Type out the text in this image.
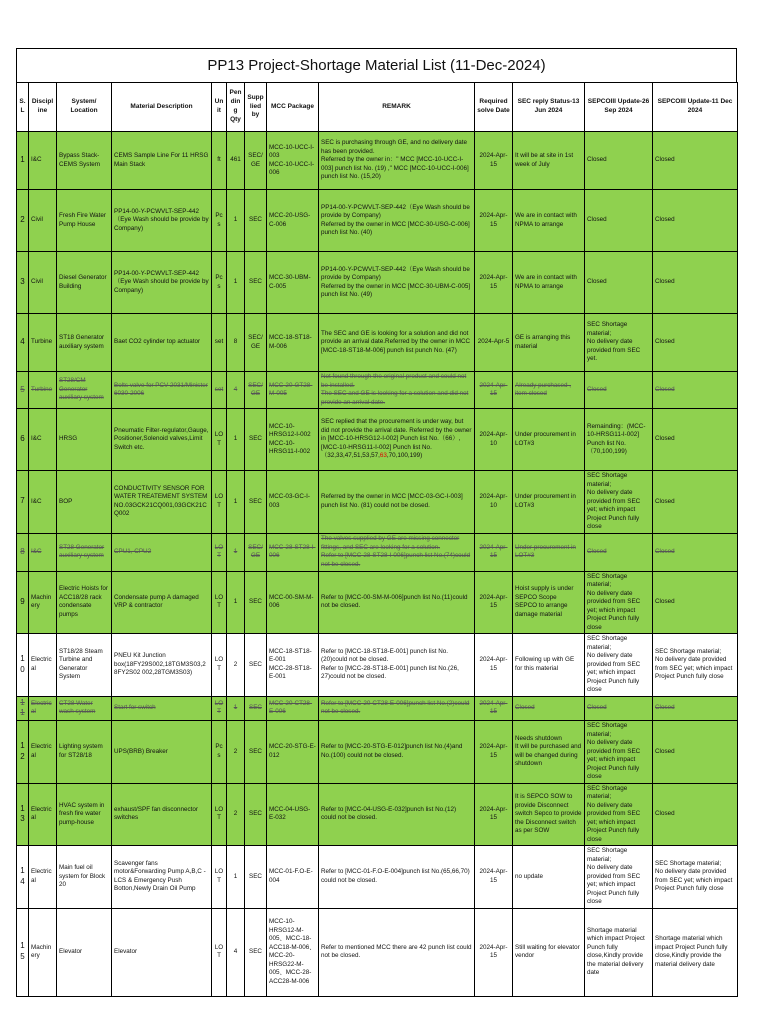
PP13 Project-Shortage Material List (11-Dec-2024)
S.L	Discipline	System/ Location	Material Description	Unit	Pending Qty	Supplied by	MCC Package	REMARK	Required solve Date	SEC reply Status-13 Jun 2024	SEPCOIII Update-26 Sep 2024	SEPCOIII Update-11 Dec 2024
1	I&C	Bypass Stack-CEMS System	CEMS Sample Line For 11 HRSG Main Stack	ft	461	SEC/GE	MCC-10-UCC-I-003
MCC-10-UCC-I-006	SEC is purchasing through GE, and no delivery date has been provided.
Referred by the owner in：" MCC [MCC-10-UCC-I-003] punch list No. (19) ," MCC [MCC-10-UCC-I-006] punch list No. (15,20)	2024-Apr-15	It will be at site in 1st week of July	Closed	Closed
2	Civil	Fresh Fire Water Pump House	PP14-00-Y-PCWVLT-SEP-442（Eye Wash should be provide by Company)	Pcs	1	SEC	MCC-20-USG-C-006	PP14-00-Y-PCWVLT-SEP-442（Eye Wash should be provide by Company)
Referred by the owner in MCC [MCC-30-USG-C-006] punch list No. (40)	2024-Apr-15	We are in contact with NPMA to arrange	Closed	Closed
3	Civil	Diesel Generator Building	PP14-00-Y-PCWVLT-SEP-442（Eye Wash should be provide by Company)	Pcs	1	SEC	MCC-30-UBM-C-005	PP14-00-Y-PCWVLT-SEP-442（Eye Wash should be provide by Company)
Referred by the owner in MCC [MCC-30-UBM-C-005] punch list No. (49)	2024-Apr-15	We are in contact with NPMA to arrange	Closed	Closed
4	Turbine	ST18 Generator auxiliary system	Baet CO2 cylinder top actuator	set	8	SEC/GE	MCC-18-ST18-M-006	The SEC and GE is looking for a solution and did not provide an arrival date.Referred by the owner in MCC [MCC-18-ST18-M-006] punch list punch No. (47)	2024-Apr-5	GE is arranging this material	SEC Shortage material;
No delivery date provided from SEC yet.	Closed
5	Turbine	ST28/CM Generator auxiliary system	Bolts valve for PCV-2031/Minister 6030-2006	set	4	SEC/GE	MCC-20-GT28-M-005	Not found through the original product and could not be installed.
The SEC and GE is looking for a solution and did not provide an arrival date.	2024-Apr-15	Already purchased , item closed	Closed	Closed
6	I&C	HRSG	Pneumatic Filter-regulator,Gauge, Positioner,Solenoid valves,Limit Switch etc.	LOT	1	SEC	MCC-10-HRSG12-I-002
MCC-10-HRSG11-I-002	SEC replied that the procurement is under way, but did not provide the arrival date. Referred by the owner in [MCC-10-HRSG12-I-002] Punch list No.（66）, [MCC-10-HRSG11-I-002] Punch list No.（32,33,47,51,53,57,63,70,100,199)	2024-Apr-10	Under procurement in LOT#3	Remainding：(MCC-10-HRSG11-I-002] Punch list No.（70,100,199)	Closed
7	I&C	BOP	CONDUCTIVITY SENSOR FOR WATER TREATEMENT SYSTEM NO.03GCK21CQ001,03GCK21CQ002	LOT	1	SEC	MCC-03-GC-I-003	Referred by the owner in MCC [MCC-03-GC-I-003] punch list No. (81) could not be closed.	2024-Apr-10	Under procurement in LOT#3	SEC Shortage material;
No delivery date provided from SEC yet; which impact Project Punch fully close	Closed
8	I&C	ST28 Generator auxiliary system	CPU1, CPU2	LOT	1	SEC/GE	MCC-28-ST28-I-006	The valves supplied by GE are missing connector fittings, and SEC are looking for a solution.
Refer to [MCC-28-ST28-I-006]punch list No.(74)could not be closed.	2024-Apr-15	Under procurement in LOT#3	Closed	Closed
9	Machinery	Electric Hoists for ACC18/28 rack condensate pumps	Condensate pump A damaged VRP & contractor	LOT	1	SEC	MCC-00-SM-M-006	Refer to [MCC-00-SM-M-006]punch list No.(11)could not be closed.	2024-Apr-15	Hoist supply is under SEPCO Scope
SEPCO to arrange damage material	SEC Shortage material;
No delivery date provided from SEC yet; which impact Project Punch fully close	Closed
10	Electrical	ST18/28 Steam Turbine and Generator System	PNEU Kit Junction box(18FY29S002,18TGM3S03,28FY2S02 002,28TGM3S03)	LOT	2	SEC	MCC-18-ST18-E-001
MCC-28-ST18-E-001	Refer to [MCC-18-ST18-E-001] punch list No.(20)could not be closed.
Refer to [MCC-28-ST18-E-001] punch list No.(26, 27)could not be closed.	2024-Apr-15	Following up with GE for this material	SEC Shortage material;
No delivery date provided from SEC yet; which impact Project Punch fully close	SEC Shortage material;
No delivery date provided from SEC yet; which impact Project Punch fully close
11	Electrical	CT28 Water wash system	Start for switch	LOT	1	SEC	MCC-20-CT28-E-006	Refer to [MCC-20-CT28-E-006]punch list No.(2)could not be closed.	2024-Apr-15	Closed	Closed	Closed
12	Electrical	Lighting system for ST28/18	UPS(BRB) Breaker	Pcs	2	SEC	MCC-20-STG-E-012	Refer to [MCC-20-STG-E-012]punch list No.(4)and No.(100) could not be closed.	2024-Apr-15	Needs shutdown
It will be purchased and will be changed during shutdown	SEC Shortage material;
No delivery date provided from SEC yet; which impact Project Punch fully close	Closed
13	Electrical	HVAC system in fresh fire water pump-house	exhaust/SPF fan disconnector switches	LOT	2	SEC	MCC-04-USG-E-032	Refer to [MCC-04-USG-E-032]punch list No.(12) could not be closed.	2024-Apr-15	It is SEPCO SOW to provide Disconnect switch Sepco to provide the Disconnect switch as per SOW	SEC Shortage material;
No delivery date provided from SEC yet; which impact Project Punch fully close	Closed
14	Electrical	Main fuel oil system for Block 20	Scavenger fans motor&Forwarding Pump A,B,C - LCS & Emergency Push Botton,Newly Drain Oil Pump	LOT	1	SEC	MCC-01-F.O-E-004	Refer to [MCC-01-F.O-E-004]punch list No.(65,66,70) could not be closed.	2024-Apr-15	no update	SEC Shortage material;
No delivery date provided from SEC yet; which impact Project Punch fully close	SEC Shortage material;
No delivery date provided from SEC yet; which impact Project Punch fully close
15	Machinery	Elevator	Elevator	LOT	4	SEC	MCC-10-HRSG12-M-005、MCC-18-ACC18-M-006、MCC-20-HRSG22-M-005、MCC-28-ACC28-M-006	Refer to mentioned MCC there are 42 punch list could not be closed.	2024-Apr-15	Still waiting for elevator vendor	Shortage material which impact Project Punch fully close,Kindly provide the material delivery date	Shortage material which impact Project Punch fully close,Kindly provide the material delivery date
